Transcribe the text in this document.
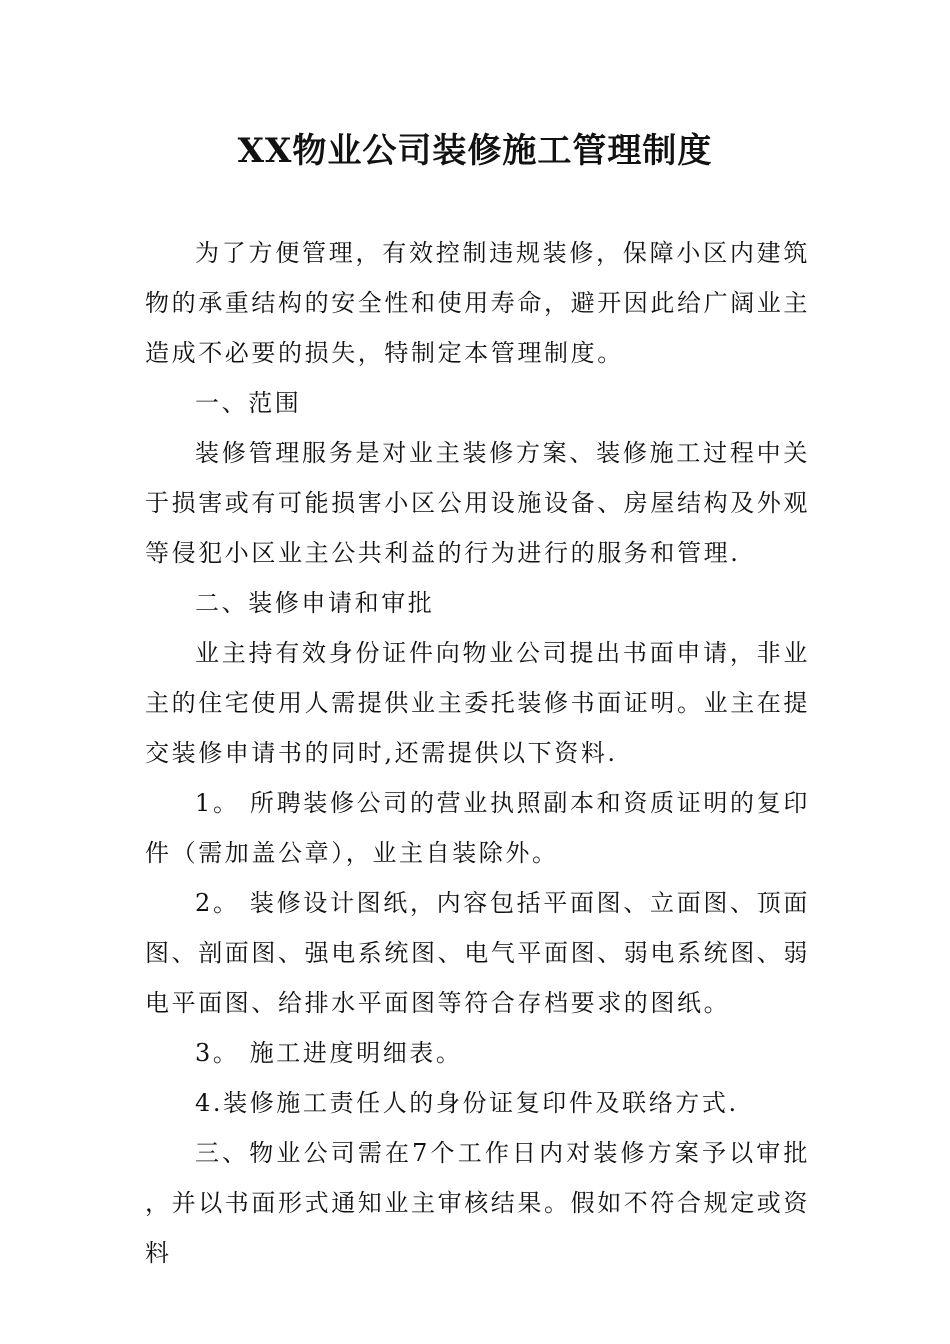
XX物业公司装修施工管理制度

为了方便管理，有效控制违规装修，保障小区内建筑物的承重结构的安全性和使用寿命，避开因此给广阔业主造成不必要的损失，特制定本管理制度。

一、范围

装修管理服务是对业主装修方案、装修施工过程中关于损害或有可能损害小区公用设施设备、房屋结构及外观等侵犯小区业主公共利益的行为进行的服务和管理.

二、装修申请和审批

业主持有效身份证件向物业公司提出书面申请，非业主的住宅使用人需提供业主委托装修书面证明。业主在提交装修申请书的同时,还需提供以下资料.

1。 所聘装修公司的营业执照副本和资质证明的复印件（需加盖公章），业主自装除外。

2。 装修设计图纸，内容包括平面图、立面图、顶面图、剖面图、强电系统图、电气平面图、弱电系统图、弱电平面图、给排水平面图等符合存档要求的图纸。

3。 施工进度明细表。

4.装修施工责任人的身份证复印件及联络方式.

三、物业公司需在7个工作日内对装修方案予以审批，并以书面形式通知业主审核结果。假如不符合规定或资料
